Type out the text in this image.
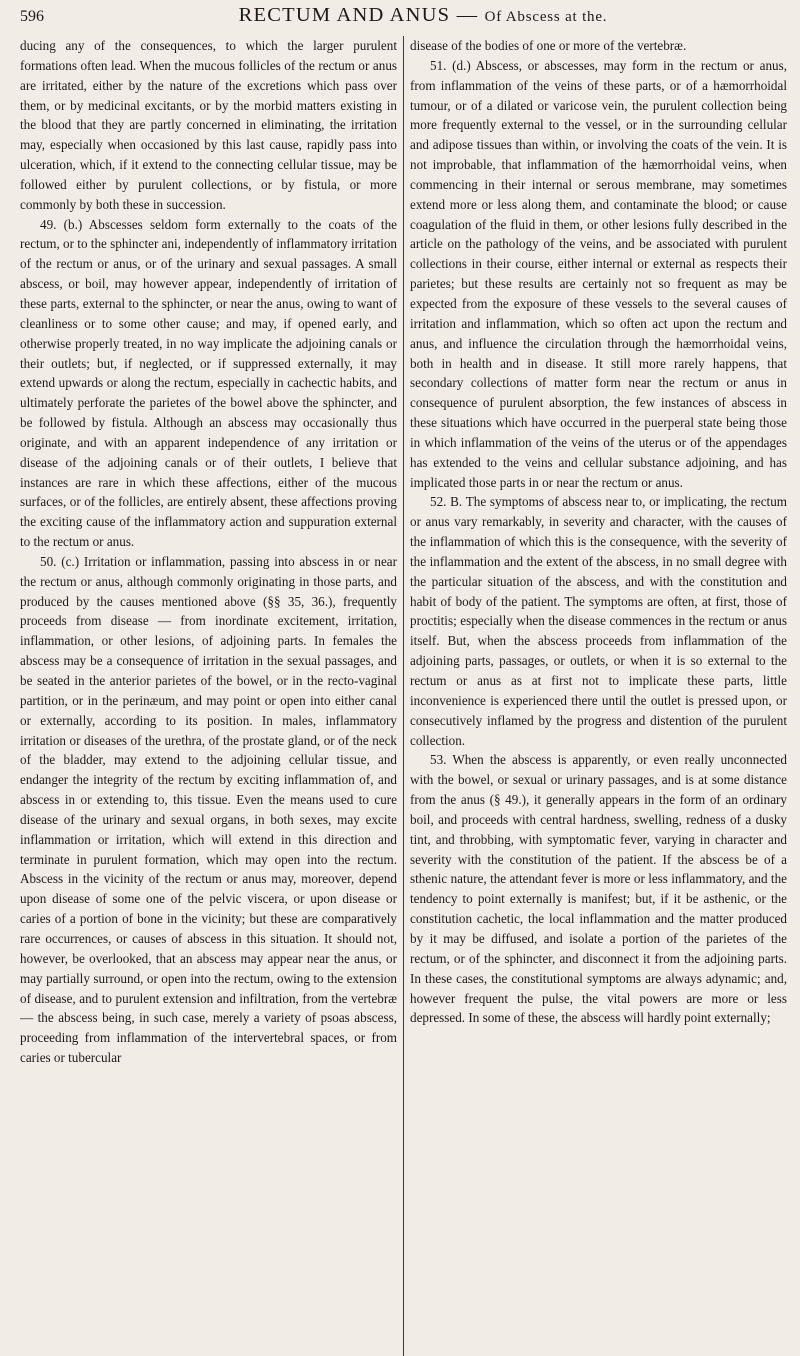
596	RECTUM AND ANUS — Of Abscess at the.

ducing any of the consequences, to which the larger purulent formations often lead. When the mucous follicles of the rectum or anus are irritated, either by the nature of the excretions which pass over them, or by medicinal excitants, or by the morbid matters existing in the blood that they are partly concerned in eliminating, the irritation may, especially when occasioned by this last cause, rapidly pass into ulceration, which, if it extend to the connecting cellular tissue, may be followed either by purulent collections, or by fistula, or more commonly by both these in succession.

49. (b.) Abscesses seldom form externally to the coats of the rectum, or to the sphincter ani, independently of inflammatory irritation of the rectum or anus, or of the urinary and sexual passages. A small abscess, or boil, may however appear, independently of irritation of these parts, external to the sphincter, or near the anus, owing to want of cleanliness or to some other cause; and may, if opened early, and otherwise properly treated, in no way implicate the adjoining canals or their outlets; but, if neglected, or if suppressed externally, it may extend upwards or along the rectum, especially in cachectic habits, and ultimately perforate the parietes of the bowel above the sphincter, and be followed by fistula. Although an abscess may occasionally thus originate, and with an apparent independence of any irritation or disease of the adjoining canals or of their outlets, I believe that instances are rare in which these affections, either of the mucous surfaces, or of the follicles, are entirely absent, these affections proving the exciting cause of the inflammatory action and suppuration external to the rectum or anus.

50. (c.) Irritation or inflammation, passing into abscess in or near the rectum or anus, although commonly originating in those parts, and produced by the causes mentioned above (§§ 35, 36.), frequently proceeds from disease — from inordinate excitement, irritation, inflammation, or other lesions, of adjoining parts. In females the abscess may be a consequence of irritation in the sexual passages, and be seated in the anterior parietes of the bowel, or in the recto-vaginal partition, or in the perinæum, and may point or open into either canal or externally, according to its position. In males, inflammatory irritation or diseases of the urethra, of the prostate gland, or of the neck of the bladder, may extend to the adjoining cellular tissue, and endanger the integrity of the rectum by exciting inflammation of, and abscess in or extending to, this tissue. Even the means used to cure disease of the urinary and sexual organs, in both sexes, may excite inflammation or irritation, which will extend in this direction and terminate in purulent formation, which may open into the rectum. Abscess in the vicinity of the rectum or anus may, moreover, depend upon disease of some one of the pelvic viscera, or upon disease or caries of a portion of bone in the vicinity; but these are comparatively rare occurrences, or causes of abscess in this situation. It should not, however, be overlooked, that an abscess may appear near the anus, or may partially surround, or open into the rectum, owing to the extension of disease, and to purulent extension and infiltration, from the vertebræ — the abscess being, in such case, merely a variety of psoas abscess, proceeding from inflammation of the intervertebral spaces, or from caries or tubercular

disease of the bodies of one or more of the vertebræ.

51. (d.) Abscess, or abscesses, may form in the rectum or anus, from inflammation of the veins of these parts, or of a hæmorrhoidal tumour, or of a dilated or varicose vein, the purulent collection being more frequently external to the vessel, or in the surrounding cellular and adipose tissues than within, or involving the coats of the vein. It is not improbable, that inflammation of the hæmorrhoidal veins, when commencing in their internal or serous membrane, may sometimes extend more or less along them, and contaminate the blood; or cause coagulation of the fluid in them, or other lesions fully described in the article on the pathology of the veins, and be associated with purulent collections in their course, either internal or external as respects their parietes; but these results are certainly not so frequent as may be expected from the exposure of these vessels to the several causes of irritation and inflammation, which so often act upon the rectum and anus, and influence the circulation through the hæmorrhoidal veins, both in health and in disease. It still more rarely happens, that secondary collections of matter form near the rectum or anus in consequence of purulent absorption, the few instances of abscess in these situations which have occurred in the puerperal state being those in which inflammation of the veins of the uterus or of the appendages has extended to the veins and cellular substance adjoining, and has implicated those parts in or near the rectum or anus.

52. B. The symptoms of abscess near to, or implicating, the rectum or anus vary remarkably, in severity and character, with the causes of the inflammation of which this is the consequence, with the severity of the inflammation and the extent of the abscess, in no small degree with the particular situation of the abscess, and with the constitution and habit of body of the patient. The symptoms are often, at first, those of proctitis; especially when the disease commences in the rectum or anus itself. But, when the abscess proceeds from inflammation of the adjoining parts, passages, or outlets, or when it is so external to the rectum or anus as at first not to implicate these parts, little inconvenience is experienced there until the outlet is pressed upon, or consecutively inflamed by the progress and distention of the purulent collection.

53. When the abscess is apparently, or even really unconnected with the bowel, or sexual or urinary passages, and is at some distance from the anus (§ 49.), it generally appears in the form of an ordinary boil, and proceeds with central hardness, swelling, redness of a dusky tint, and throbbing, with symptomatic fever, varying in character and severity with the constitution of the patient. If the abscess be of a sthenic nature, the attendant fever is more or less inflammatory, and the tendency to point externally is manifest; but, if it be asthenic, or the constitution cachetic, the local inflammation and the matter produced by it may be diffused, and isolate a portion of the parietes of the rectum, or of the sphincter, and disconnect it from the adjoining parts. In these cases, the constitutional symptoms are always adynamic; and, however frequent the pulse, the vital powers are more or less depressed. In some of these, the abscess will hardly point externally;
